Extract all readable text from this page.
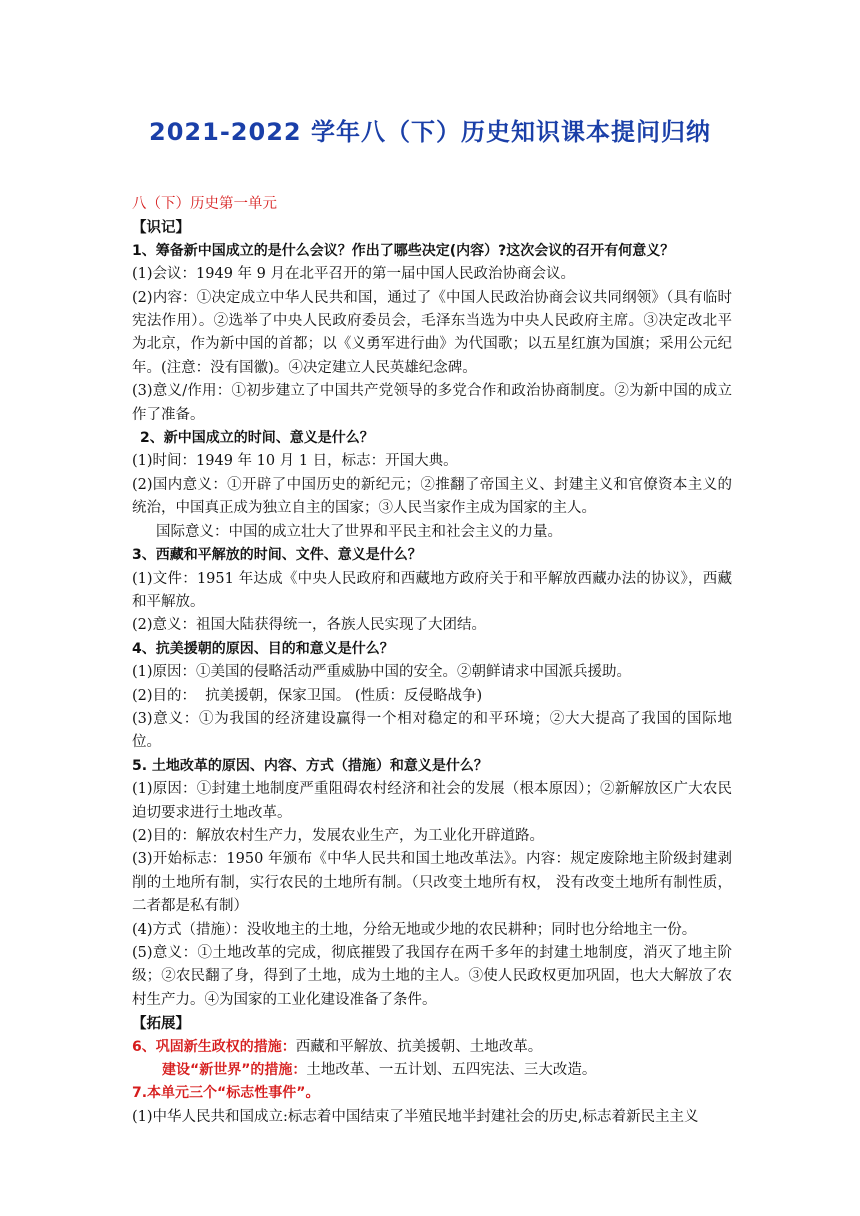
2021-2022 学年八（下）历史知识课本提问归纳
八（下）历史第一单元
【识记】
1、筹备新中国成立的是什么会议？作出了哪些决定(内容）?这次会议的召开有何意义？
(1)会议：1949 年 9 月在北平召开的第一届中国人民政治协商会议。
(2)内容：①决定成立中华人民共和国，通过了《中国人民政治协商会议共同纲领》（具有临时宪法作用）。②选举了中央人民政府委员会，毛泽东当选为中央人民政府主席。③决定改北平为北京，作为新中国的首都；以《义勇军进行曲》为代国歌；以五星红旗为国旗；采用公元纪年。(注意：没有国徽)。④决定建立人民英雄纪念碑。
(3)意义/作用：①初步建立了中国共产党领导的多党合作和政治协商制度。②为新中国的成立作了准备。
2、新中国成立的时间、意义是什么？
(1)时间：1949 年 10 月 1 日，标志：开国大典。
(2)国内意义：①开辟了中国历史的新纪元；②推翻了帝国主义、封建主义和官僚资本主义的统治，中国真正成为独立自主的国家；③人民当家作主成为国家的主人。
国际意义：中国的成立壮大了世界和平民主和社会主义的力量。
3、西藏和平解放的时间、文件、意义是什么？
(1)文件：1951 年达成《中央人民政府和西藏地方政府关于和平解放西藏办法的协议》，西藏和平解放。
(2)意义：祖国大陆获得统一，各族人民实现了大团结。
4、抗美援朝的原因、目的和意义是什么？
(1)原因：①美国的侵略活动严重威胁中国的安全。②朝鲜请求中国派兵援助。
(2)目的：  抗美援朝，保家卫国。 (性质：反侵略战争)
(3)意义：①为我国的经济建设赢得一个相对稳定的和平环境；②大大提高了我国的国际地位。
5. 土地改革的原因、内容、方式（措施）和意义是什么？
(1)原因：①封建土地制度严重阻碍农村经济和社会的发展（根本原因）；②新解放区广大农民迫切要求进行土地改革。
(2)目的：解放农村生产力，发展农业生产，为工业化开辟道路。
(3)开始标志：1950 年颁布《中华人民共和国土地改革法》。内容：规定废除地主阶级封建剥削的土地所有制，实行农民的土地所有制。（只改变土地所有权， 没有改变土地所有制性质，二者都是私有制）
(4)方式（措施）：没收地主的土地，分给无地或少地的农民耕种；同时也分给地主一份。
(5)意义：①土地改革的完成，彻底摧毁了我国存在两千多年的封建土地制度，消灭了地主阶级；②农民翻了身，得到了土地，成为土地的主人。③使人民政权更加巩固，也大大解放了农村生产力。④为国家的工业化建设准备了条件。
【拓展】
6、巩固新生政权的措施：西藏和平解放、抗美援朝、土地改革。
建设“新世界”的措施：土地改革、一五计划、五四宪法、三大改造。
7.本单元三个“标志性事件”。
(1)中华人民共和国成立:标志着中国结束了半殖民地半封建社会的历史,标志着新民主主义
